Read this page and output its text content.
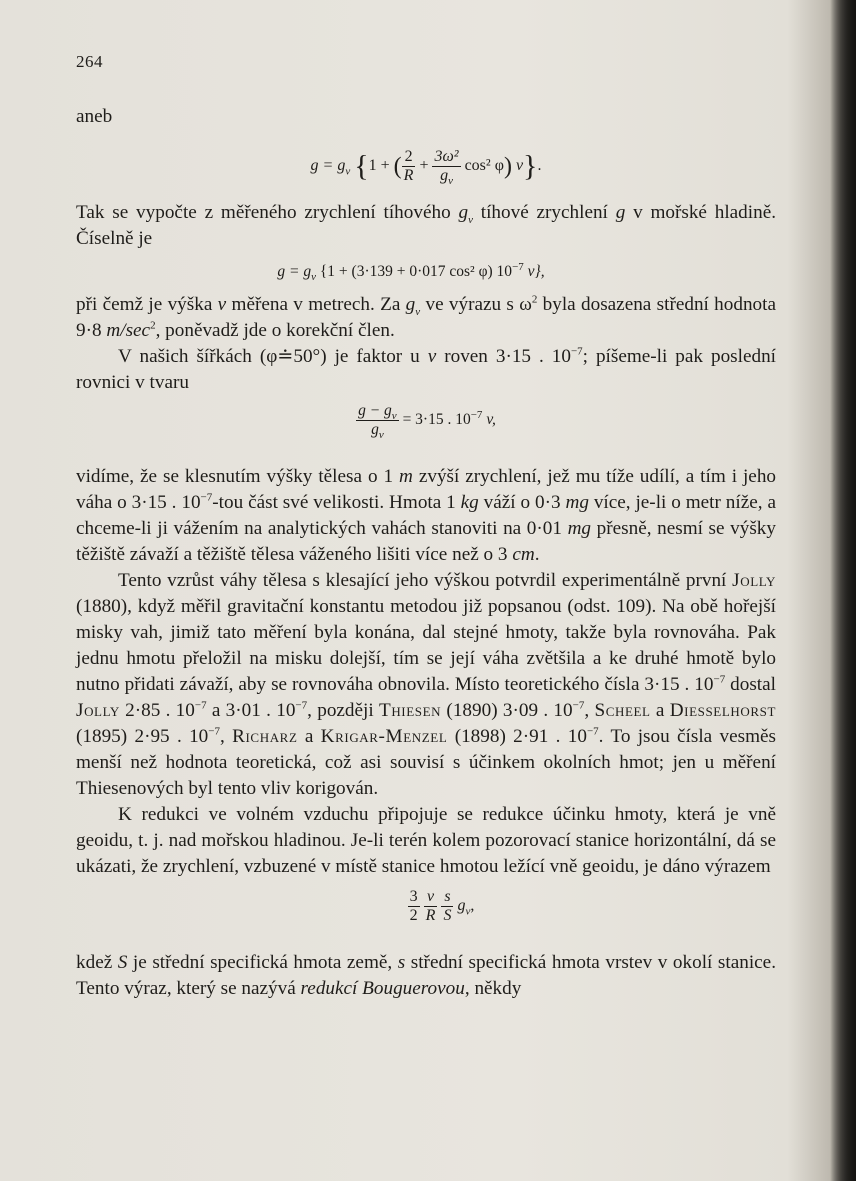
264

aneb

$g = g_v$ {1 + ( $\frac{2}{R} + \frac{\text{3ω²}}{g_v} \cos^2$ φ) v}.

Tak se vypočte z měřeného zrychlení tíhového $g_v$ tíhové zrychlení g v mořské hladině. Číselně je

$g = g_v$ {1 + (3·139 + 0·017 cos² φ) $10^{-7}$ v},

při čemž je výška v měřena v metrech. Za $g_v$ ve výrazu s $\omega^2$ byla dosazena střední hodnota 9·8 $m/\sec^2$, poněvadž jde o korekční člen.

V našich šířkách (φ≐50°) je faktor u v roven 3·15 . $10^{-7}$; píšeme-li pak poslední rovnici v tvaru

$\frac{g - g_v}{g_v} = 3\cdot 15$ . $10^{-7}$ v,

vidíme, že se klesnutím výšky tělesa o 1 m zvýší zrychlení, jež mu tíže udílí, a tím i jeho váha o 3·15 . $10^{-7}$-tou část své velikosti. Hmota 1 kg váží o 0·3 mg více, je-li o metr níže, a chceme-li ji vážením na analytických vahách stanoviti na 0·01 mg přesně, nesmí se výšky těžiště závaží a těžiště tělesa váženého lišiti více než o 3 cm.

Tento vzrůst váhy tělesa s klesající jeho výškou potvrdil experimentálně první Jolly (1880), když měřil gravitační konstantu metodou již popsanou (odst. 109). Na obě hořejší misky vah, jimiž tato měření byla konána, dal stejné hmoty, takže byla rovnováha. Pak jednu hmotu přeložil na misku dolejší, tím se její váha zvětšila a ke druhé hmotě bylo nutno přidati závaží, aby se rovnováha obnovila. Místo teoretického čísla 3·15 . $10^{-7}$ dostal Jolly 2·85 . $10^{-7}$ a 3·01 . $10^{-7}$, později Thiesen (1890) 3·09 . $10^{-7}$, Scheel a Diesselhorst (1895) 2·95 . $10^{-7}$, Richarz a Krigar-Menzel (1898) 2·91 . $10^{-7}$. To jsou čísla vesměs menší než hodnota teoretická, což asi souvisí s účinkem okolních hmot; jen u měření Thiesenových byl tento vliv korigován.

K redukci ve volném vzduchu připojuje se redukce účinku hmoty, která je vně geoidu, t. j. nad mořskou hladinou. Je-li terén kolem pozorovací stanice horizontální, dá se ukázati, že zrychlení, vzbuzené v místě stanice hmotou ležící vně geoidu, je dáno výrazem

$\frac{3}{2}$
$\frac{v}{R}$
$\frac{s}{S} g_v$,

kdež S je střední specifická hmota země, s střední specifická hmota vrstev v okolí stanice. Tento výraz, který se nazývá redukcí Bouguerovou, někdy
